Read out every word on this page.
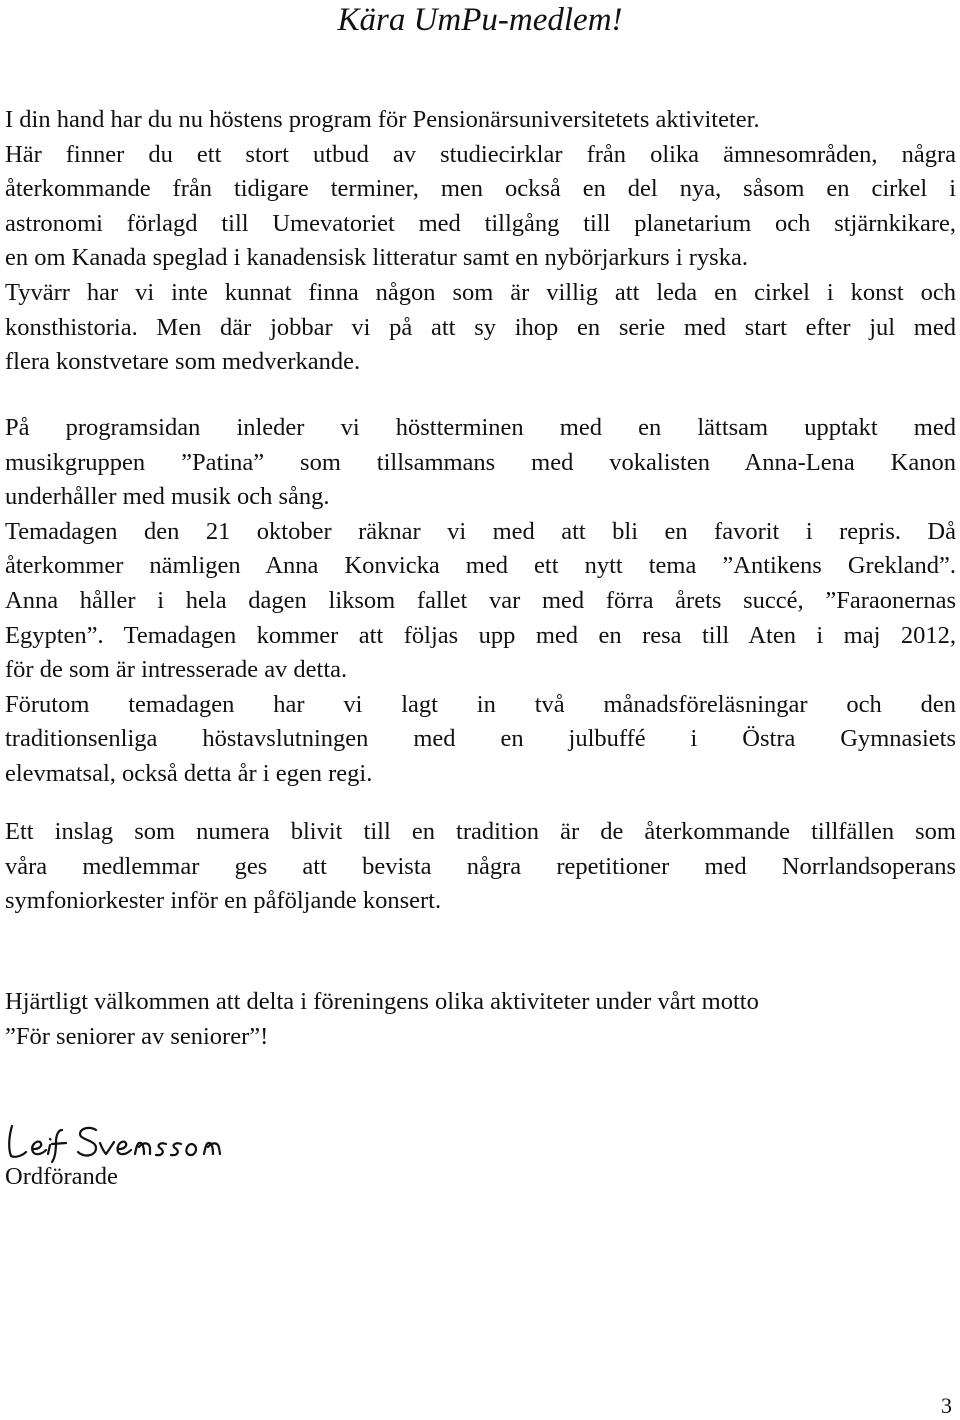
Kära UmPu-medlem!

I din hand har du nu höstens program för Pensionärsuniversitetets aktiviteter.
Här finner du ett stort utbud av studiecirklar från olika ämnesområden, några
återkommande från tidigare terminer, men också en del nya, såsom en cirkel i
astronomi förlagd till Umevatoriet med tillgång till planetarium och stjärnkikare,
en om Kanada speglad i kanadensisk litteratur samt en nybörjarkurs i ryska.
Tyvärr har vi inte kunnat finna någon som är villig att leda en cirkel i konst och
konsthistoria. Men där jobbar vi på att sy ihop en serie med start efter jul med
flera konstvetare som medverkande.

På programsidan inleder vi höstterminen med en lättsam upptakt med
musikgruppen ”Patina” som tillsammans med vokalisten Anna-Lena Kanon
underhåller med musik och sång.
Temadagen den 21 oktober räknar vi med att bli en favorit i repris. Då
återkommer nämligen Anna Konvicka med ett nytt tema ”Antikens Grekland”.
Anna håller i hela dagen liksom fallet var med förra årets succé, ”Faraonernas
Egypten”. Temadagen kommer att följas upp med en resa till Aten i maj 2012,
för de som är intresserade av detta.
Förutom temadagen har vi lagt in två månadsföreläsningar och den
traditionsenliga höstavslutningen med en julbuffé i Östra Gymnasiets
elevmatsal, också detta år i egen regi.

Ett inslag som numera blivit till en tradition är de återkommande tillfällen som
våra medlemmar ges att bevista några repetitioner med Norrlandsoperans
symfoniorkester inför en påföljande konsert.

Hjärtligt välkommen att delta i föreningens olika aktiviteter under vårt motto
”För seniorer av seniorer”!

Ordförande

3
